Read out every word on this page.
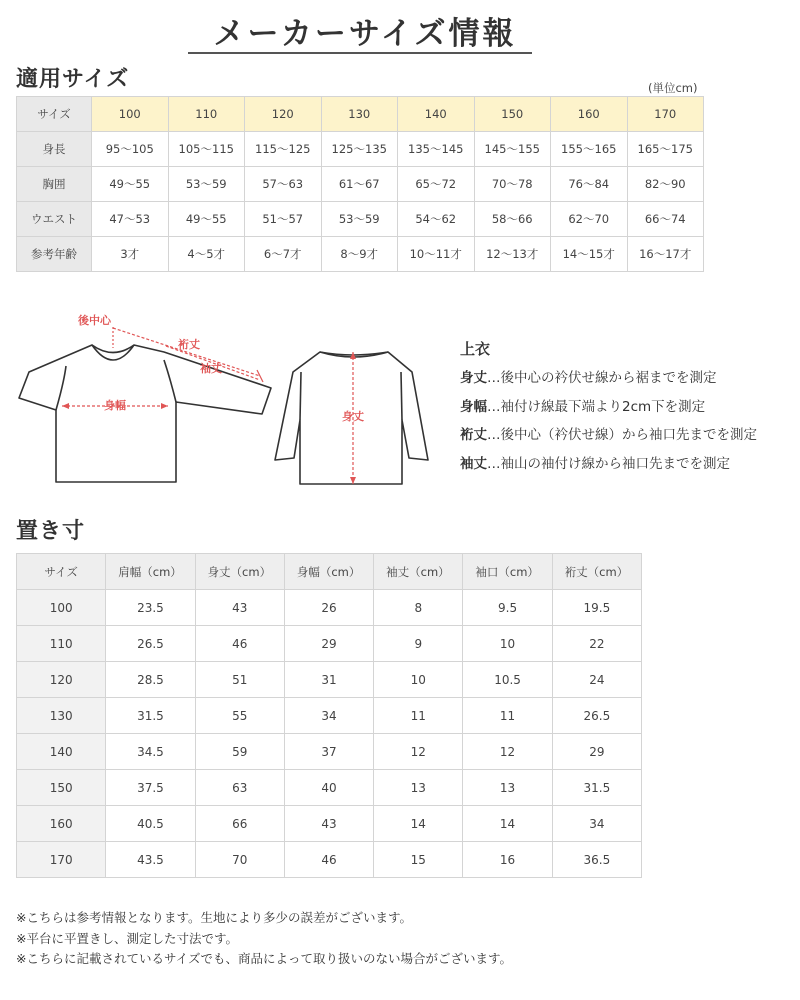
メーカーサイズ情報
適用サイズ	(単位cm)
サイズ	100	110	120	130	140	150	160	170
身長	95〜105	105〜115	115〜125	125〜135	135〜145	145〜155	155〜165	165〜175
胸囲	49〜55	53〜59	57〜63	61〜67	65〜72	70〜78	76〜84	82〜90
ウエスト	47〜53	49〜55	51〜57	53〜59	54〜62	58〜66	62〜70	66〜74
参考年齢	3才	4〜5才	6〜7才	8〜9才	10〜11才	12〜13才	14〜15才	16〜17才
後中心
裄丈
袖丈
身幅
身丈
上衣
身丈…後中心の衿伏せ線から裾までを測定
身幅…袖付け線最下端より2cm下を測定
裄丈…後中心（衿伏せ線）から袖口先までを測定
袖丈…袖山の袖付け線から袖口先までを測定
置き寸
サイズ	肩幅（cm）	身丈（cm）	身幅（cm）	袖丈（cm）	袖口（cm）	裄丈（cm）
100	23.5	43	26	8	9.5	19.5
110	26.5	46	29	9	10	22
120	28.5	51	31	10	10.5	24
130	31.5	55	34	11	11	26.5
140	34.5	59	37	12	12	29
150	37.5	63	40	13	13	31.5
160	40.5	66	43	14	14	34
170	43.5	70	46	15	16	36.5
※こちらは参考情報となります。生地により多少の誤差がございます。
※平台に平置きし、測定した寸法です。
※こちらに記載されているサイズでも、商品によって取り扱いのない場合がございます。
